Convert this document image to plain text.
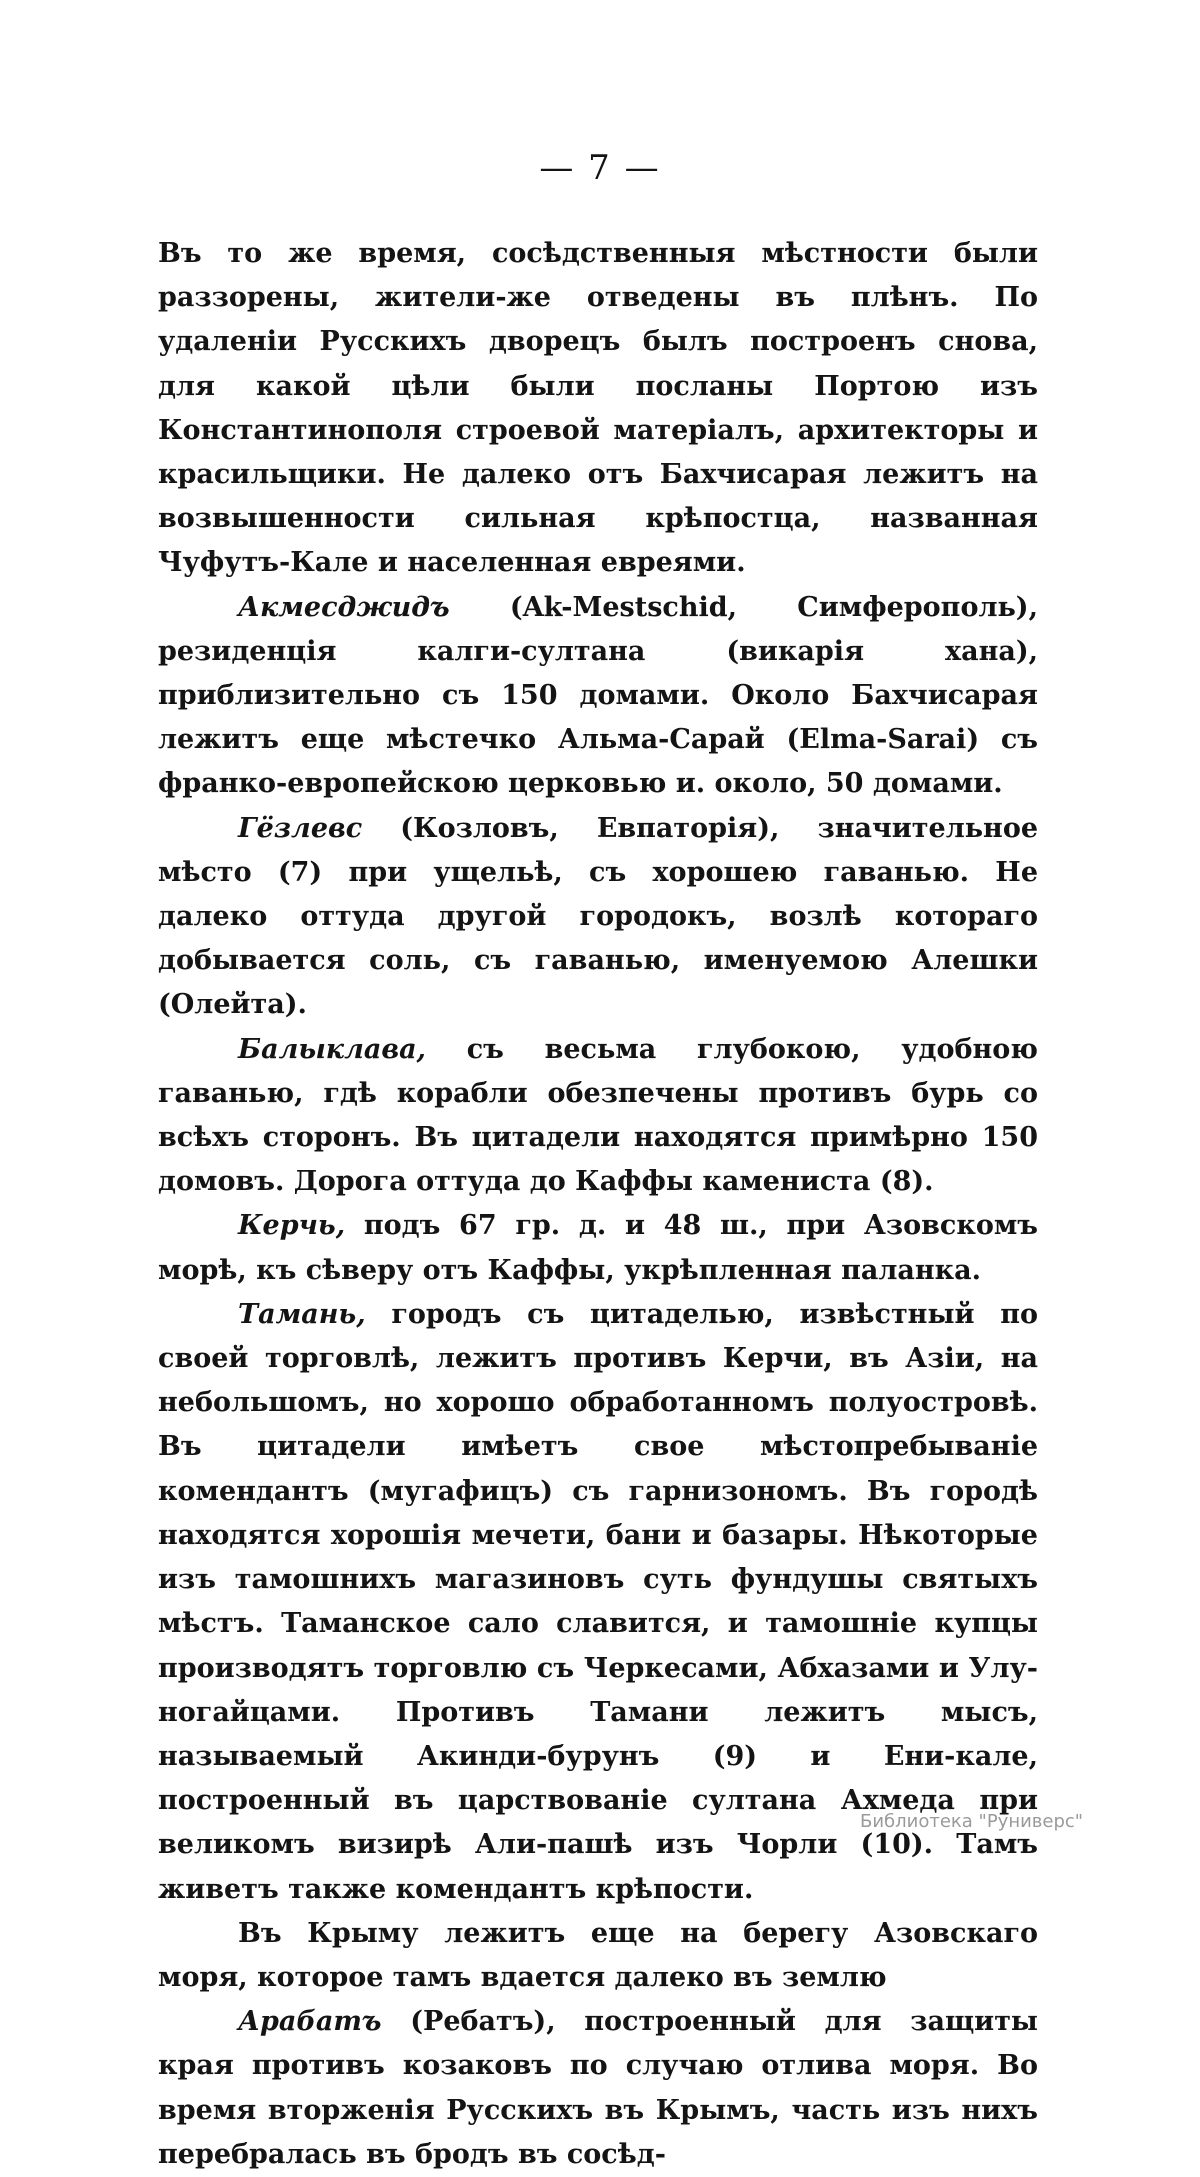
— 7 —

Въ то же время, сосѣдственныя мѣстности были раззорены, жители-же отведены въ плѣнъ. По удаленіи Русскихъ дворецъ былъ построенъ снова, для какой цѣли были посланы Портою изъ Константинополя строевой матеріалъ, архитекторы и красильщики. Не далеко отъ Бахчисарая лежитъ на возвышенности сильная крѣпостца, названная Чуфутъ-Кале и населенная евреями.

Акмесджидъ (Ak-Mestschid, Симферополь), резиденція калги-султана (викарія хана), приблизительно съ 150 домами. Около Бахчисарая лежитъ еще мѣстечко Альма-Сарай (Elma-Sarai) съ франко-европейскою церковью и. около, 50 домами.

Гёзлевс (Козловъ, Евпаторія), значительное мѣсто (7) при ущельѣ, съ хорошею гаванью. Не далеко оттуда другой городокъ, возлѣ котораго добывается соль, съ гаванью, именуемою Алешки (Олейта).

Балыклава, съ весьма глубокою, удобною гаванью, гдѣ корабли обезпечены противъ бурь со всѣхъ сторонъ. Въ цитадели находятся примѣрно 150 домовъ. Дорога оттуда до Каффы каменистa (8).

Керчь, подъ 67 гр. д. и 48 ш., при Азовскомъ морѣ, къ сѣверу отъ Каффы, укрѣпленная паланка.

Тамань, городъ съ цитаделью, извѣстный по своей торговлѣ, лежитъ противъ Керчи, въ Азіи, на небольшомъ, но хорошо обработанномъ полуостровѣ. Въ цитадели имѣетъ свое мѣстопребываніе комендантъ (мугафицъ) съ гарнизономъ. Въ городѣ находятся хорошія мечети, бани и базары. Нѣкоторые изъ тамошнихъ магазиновъ суть фундушы святыхъ мѣстъ. Таманское сало славится, и тамошніе купцы производятъ торговлю съ Черкесами, Абхазами и Улу-ногайцами. Противъ Тамани лежитъ мысъ, называемый Акинди-бурунъ (9) и Ени-кале, построенный въ царствованіе султана Ахмеда при великомъ визирѣ Али-пашѣ изъ Чорли (10). Тамъ живетъ также комендантъ крѣпости.

Въ Крыму лежитъ еще на берегу Азовскаго моря, которое тамъ вдается далеко въ землю

Арабатъ (Ребатъ), построенный для защиты края противъ козаковъ по случаю отлива моря. Во время вторженія Русскихъ въ Крымъ, часть изъ нихъ перебралась въ бродъ въ сосѣд-

Библиотека "Руниверс"
